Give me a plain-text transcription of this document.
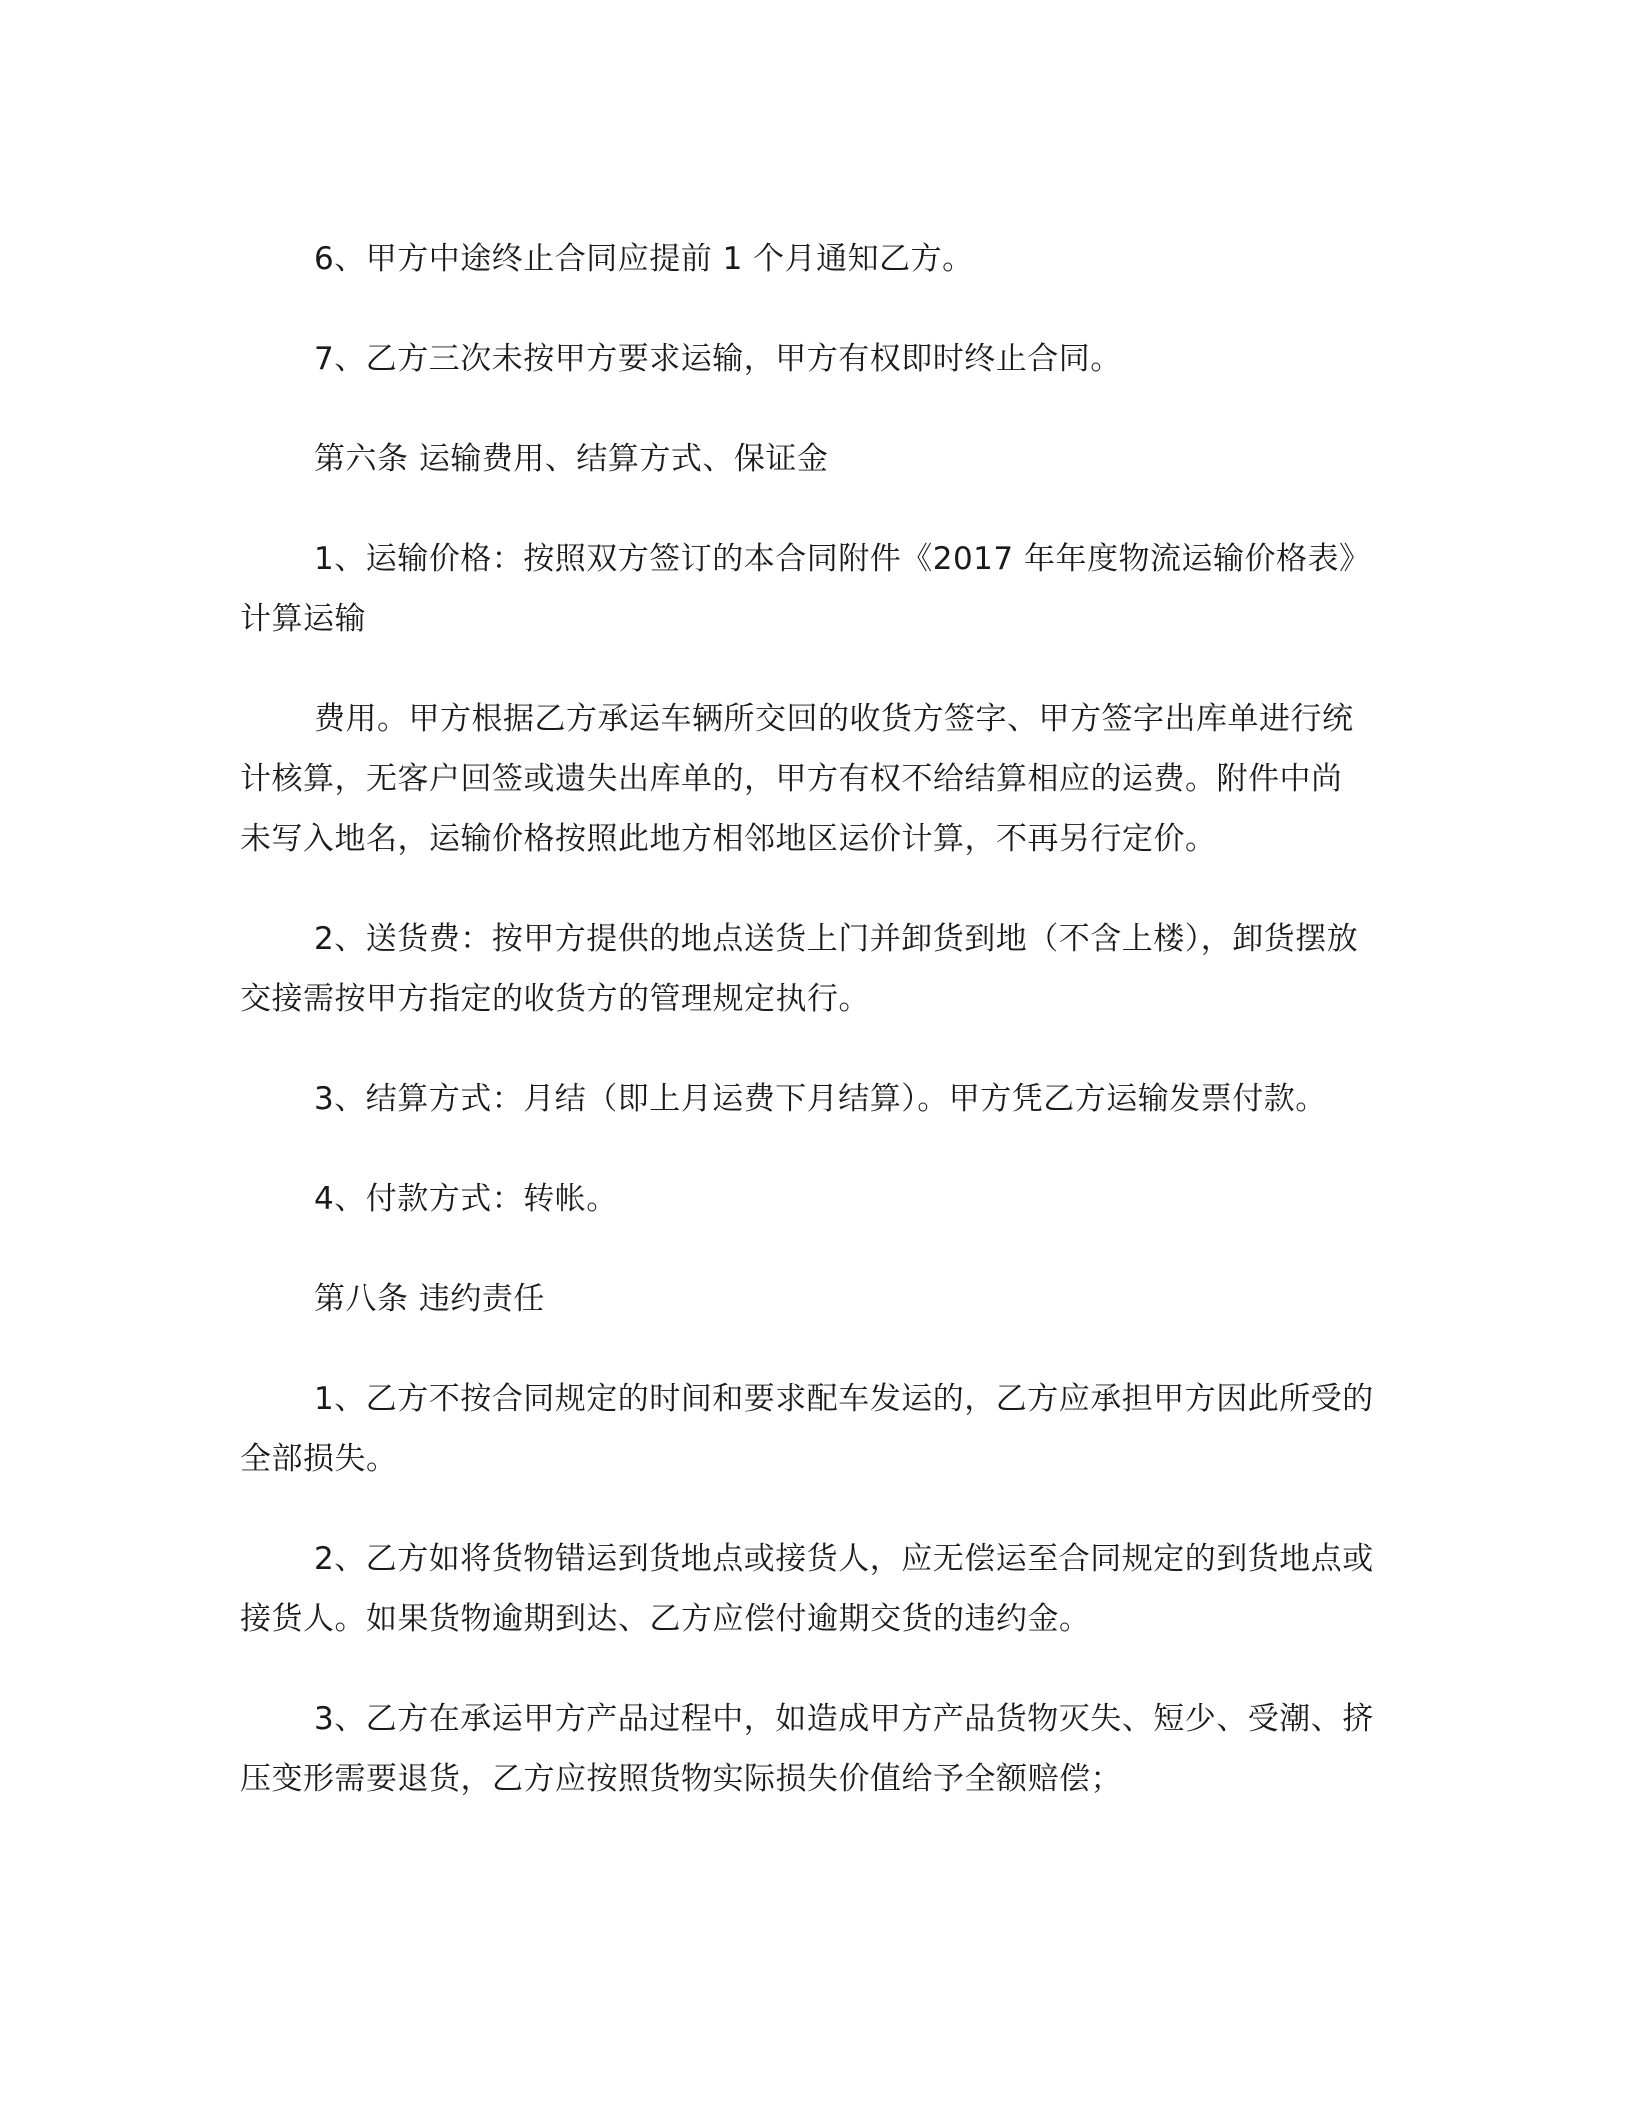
6、甲方中途终止合同应提前 1 个月通知乙方。

7、乙方三次未按甲方要求运输，甲方有权即时终止合同。

第六条 运输费用、结算方式、保证金

1、运输价格：按照双方签订的本合同附件《2017 年年度物流运输价格表》

计算运输

费用。甲方根据乙方承运车辆所交回的收货方签字、甲方签字出库单进行统

计核算，无客户回签或遗失出库单的，甲方有权不给结算相应的运费。附件中尚

未写入地名，运输价格按照此地方相邻地区运价计算，不再另行定价。

2、送货费：按甲方提供的地点送货上门并卸货到地（不含上楼），卸货摆放

交接需按甲方指定的收货方的管理规定执行。

3、结算方式：月结（即上月运费下月结算）。甲方凭乙方运输发票付款。

4、付款方式：转帐。

第八条 违约责任

1、乙方不按合同规定的时间和要求配车发运的，乙方应承担甲方因此所受的

全部损失。

2、乙方如将货物错运到货地点或接货人，应无偿运至合同规定的到货地点或

接货人。如果货物逾期到达、乙方应偿付逾期交货的违约金。

3、乙方在承运甲方产品过程中，如造成甲方产品货物灭失、短少、受潮、挤

压变形需要退货，乙方应按照货物实际损失价值给予全额赔偿；
